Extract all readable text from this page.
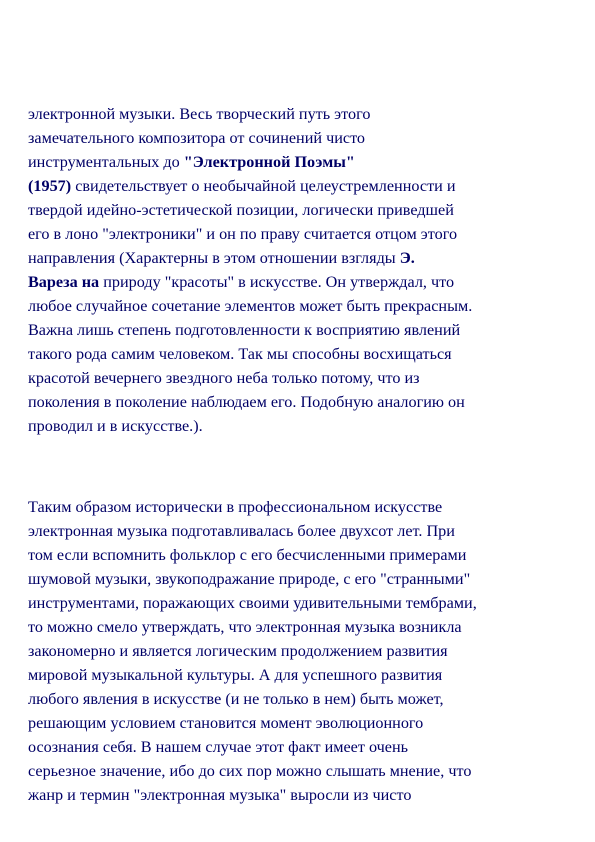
электронной музыки. Весь творческий путь этого
замечательного композитора от сочинений чисто
инструментальных до "Электронной Поэмы"
(1957) свидетельствует о необычайной целеустремленности и
твердой идейно-эстетической позиции, логически приведшей
его в лоно "электроники" и он по праву считается отцом этого
направления (Характерны в этом отношении взгляды Э.
Вареза на природу "красоты" в искусстве. Он утверждал, что
любое случайное сочетание элементов может быть прекрасным.
Важна лишь степень подготовленности к восприятию явлений
такого рода самим человеком. Так мы способны восхищаться
красотой вечернего звездного неба только потому, что из
поколения в поколение наблюдаем его. Подобную аналогию он
проводил и в искусстве.).
Таким образом исторически в профессиональном искусстве
электронная музыка подготавливалась более двухсот лет. При
том если вспомнить фольклор с его бесчисленными примерами
шумовой музыки, звукоподражание природе, с его "странными"
инструментами, поражающих своими удивительными тембрами,
то можно смело утверждать, что электронная музыка возникла
закономерно и является логическим продолжением развития
мировой музыкальной культуры. А для успешного развития
любого явления в искусстве (и не только в нем) быть может,
решающим условием становится момент эволюционного
осознания себя. В нашем случае этот факт имеет очень
серьезное значение, ибо до сих пор можно слышать мнение, что
жанр и термин "электронная музыка" выросли из чисто
